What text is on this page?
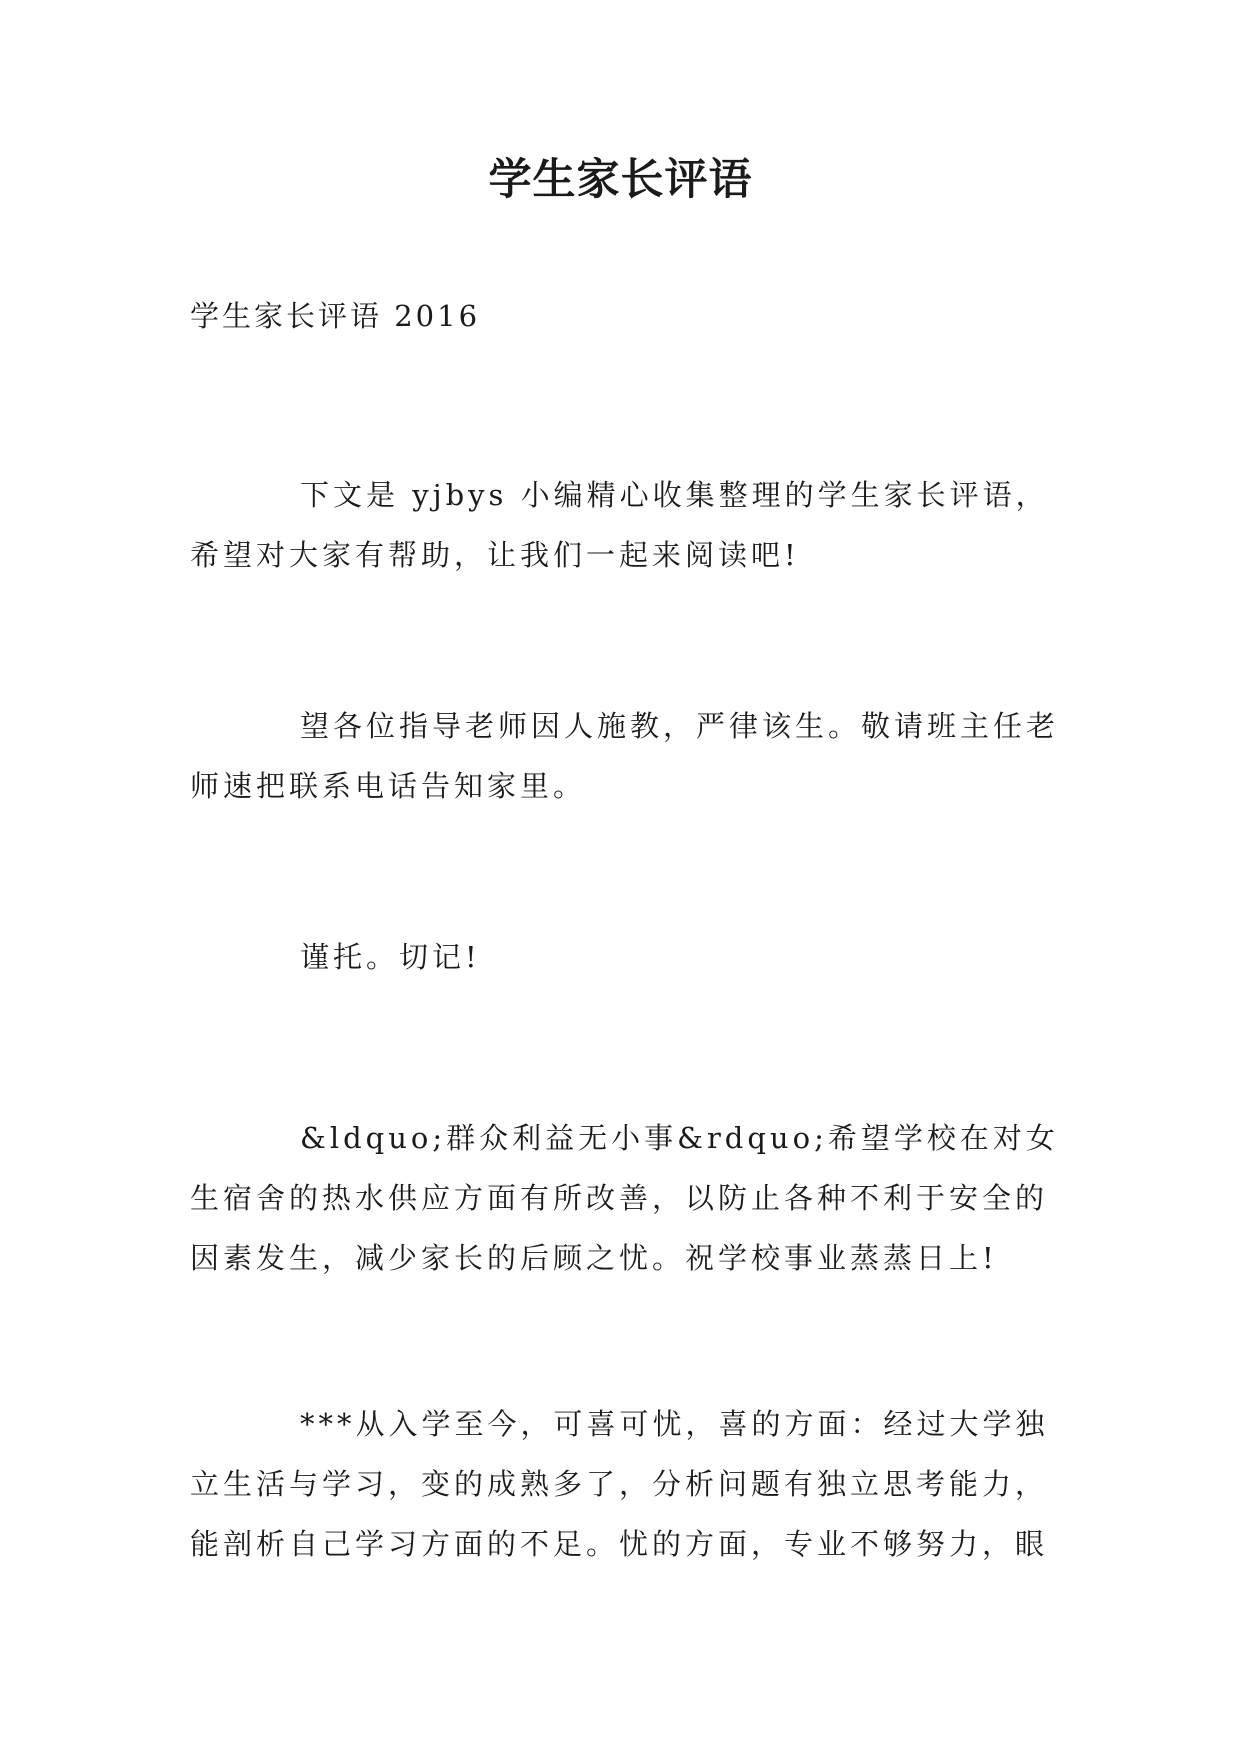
学生家长评语

学生家长评语 2016

下文是 yjbys 小编精心收集整理的学生家长评语，希望对大家有帮助，让我们一起来阅读吧!

望各位指导老师因人施教，严律该生。敬请班主任老师速把联系电话告知家里。

谨托。切记!

&ldquo;群众利益无小事&rdquo;希望学校在对女生宿舍的热水供应方面有所改善，以防止各种不利于安全的因素发生，减少家长的后顾之忧。祝学校事业蒸蒸日上!

***从入学至今，可喜可忧，喜的方面：经过大学独立生活与学习，变的成熟多了，分析问题有独立思考能力，能剖析自己学习方面的不足。忧的方面，专业不够努力，眼
